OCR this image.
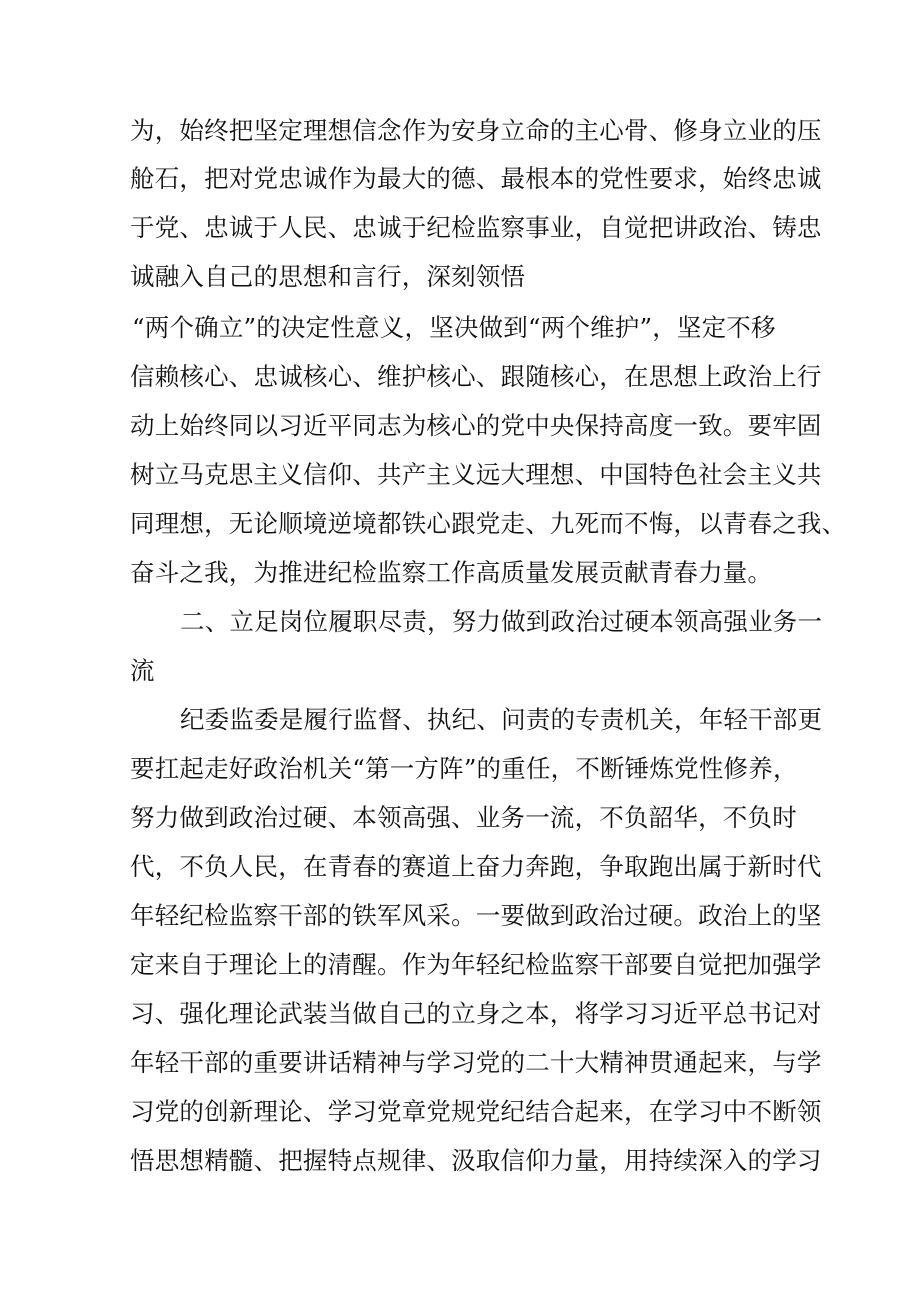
为，始终把坚定理想信念作为安身立命的主心骨、修身立业的压
舱石，把对党忠诚作为最大的德、最根本的党性要求，始终忠诚
于党、忠诚于人民、忠诚于纪检监察事业，自觉把讲政治、铸忠
诚融入自己的思想和言行，深刻领悟
“两个确立”的决定性意义，坚决做到“两个维护”，坚定不移
信赖核心、忠诚核心、维护核心、跟随核心，在思想上政治上行
动上始终同以习近平同志为核心的党中央保持高度一致。要牢固
树立马克思主义信仰、共产主义远大理想、中国特色社会主义共
同理想，无论顺境逆境都铁心跟党走、九死而不悔，以青春之我、
奋斗之我，为推进纪检监察工作高质量发展贡献青春力量。
二、立足岗位履职尽责，努力做到政治过硬本领高强业务一
流
纪委监委是履行监督、执纪、问责的专责机关，年轻干部更
要扛起走好政治机关“第一方阵”的重任，不断锤炼党性修养，
努力做到政治过硬、本领高强、业务一流，不负韶华，不负时
代，不负人民，在青春的赛道上奋力奔跑，争取跑出属于新时代
年轻纪检监察干部的铁军风采。一要做到政治过硬。政治上的坚
定来自于理论上的清醒。作为年轻纪检监察干部要自觉把加强学
习、强化理论武装当做自己的立身之本，将学习习近平总书记对
年轻干部的重要讲话精神与学习党的二十大精神贯通起来，与学
习党的创新理论、学习党章党规党纪结合起来，在学习中不断领
悟思想精髓、把握特点规律、汲取信仰力量，用持续深入的学习
